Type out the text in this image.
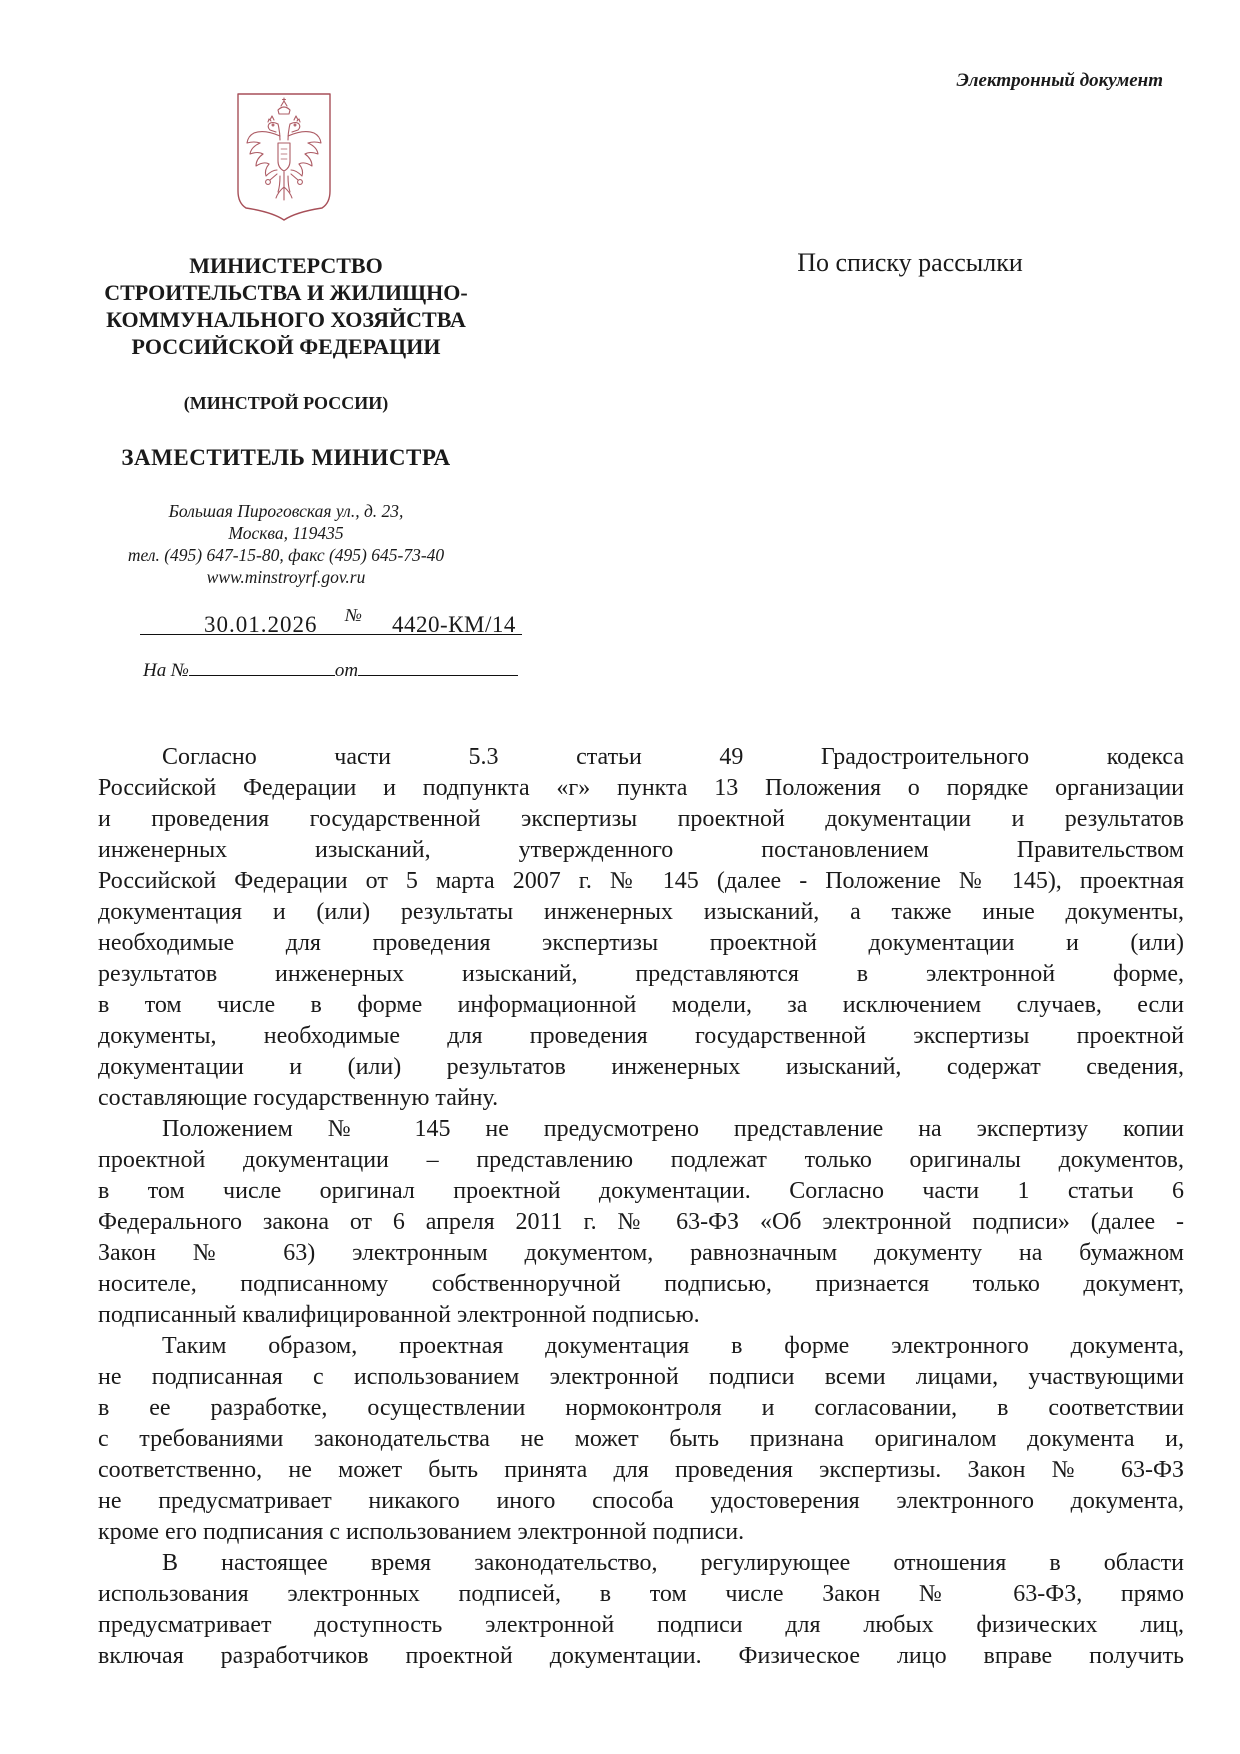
Электронный документ
МИНИСТЕРСТВО
СТРОИТЕЛЬСТВА И ЖИЛИЩНО-
КОММУНАЛЬНОГО ХОЗЯЙСТВА
РОССИЙСКОЙ ФЕДЕРАЦИИ
(МИНСТРОЙ РОССИИ)
ЗАМЕСТИТЕЛЬ МИНИСТРА
Большая Пироговская ул., д. 23,
Москва, 119435
тел. (495) 647-15-80, факс (495) 645-73-40
www.minstroyrf.gov.ru
По списку рассылки
30.01.2026 № 4420-КМ/14
На №	от
Согласно части 5.3 статьи 49 Градостроительного кодекса
Российской Федерации и подпункта «г» пункта 13 Положения о порядке организации
и проведения государственной экспертизы проектной документации и результатов
инженерных изысканий, утвержденного постановлением Правительством
Российской Федерации от 5 марта 2007 г. № 145 (далее - Положение № 145), проектная
документация и (или) результаты инженерных изысканий, а также иные документы,
необходимые для проведения экспертизы проектной документации и (или)
результатов инженерных изысканий, представляются в электронной форме,
в том числе в форме информационной модели, за исключением случаев, если
документы, необходимые для проведения государственной экспертизы проектной
документации и (или) результатов инженерных изысканий, содержат сведения,
составляющие государственную тайну.
Положением № 145 не предусмотрено представление на экспертизу копии
проектной документации – представлению подлежат только оригиналы документов,
в том числе оригинал проектной документации. Согласно части 1 статьи 6
Федерального закона от 6 апреля 2011 г. № 63-ФЗ «Об электронной подписи» (далее -
Закон № 63) электронным документом, равнозначным документу на бумажном
носителе, подписанному собственноручной подписью, признается только документ,
подписанный квалифицированной электронной подписью.
Таким образом, проектная документация в форме электронного документа,
не подписанная с использованием электронной подписи всеми лицами, участвующими
в ее разработке, осуществлении нормоконтроля и согласовании, в соответствии
с требованиями законодательства не может быть признана оригиналом документа и,
соответственно, не может быть принята для проведения экспертизы. Закон № 63-ФЗ
не предусматривает никакого иного способа удостоверения электронного документа,
кроме его подписания с использованием электронной подписи.
В настоящее время законодательство, регулирующее отношения в области
использования электронных подписей, в том числе Закон № 63-ФЗ, прямо
предусматривает доступность электронной подписи для любых физических лиц,
включая разработчиков проектной документации. Физическое лицо вправе получить
